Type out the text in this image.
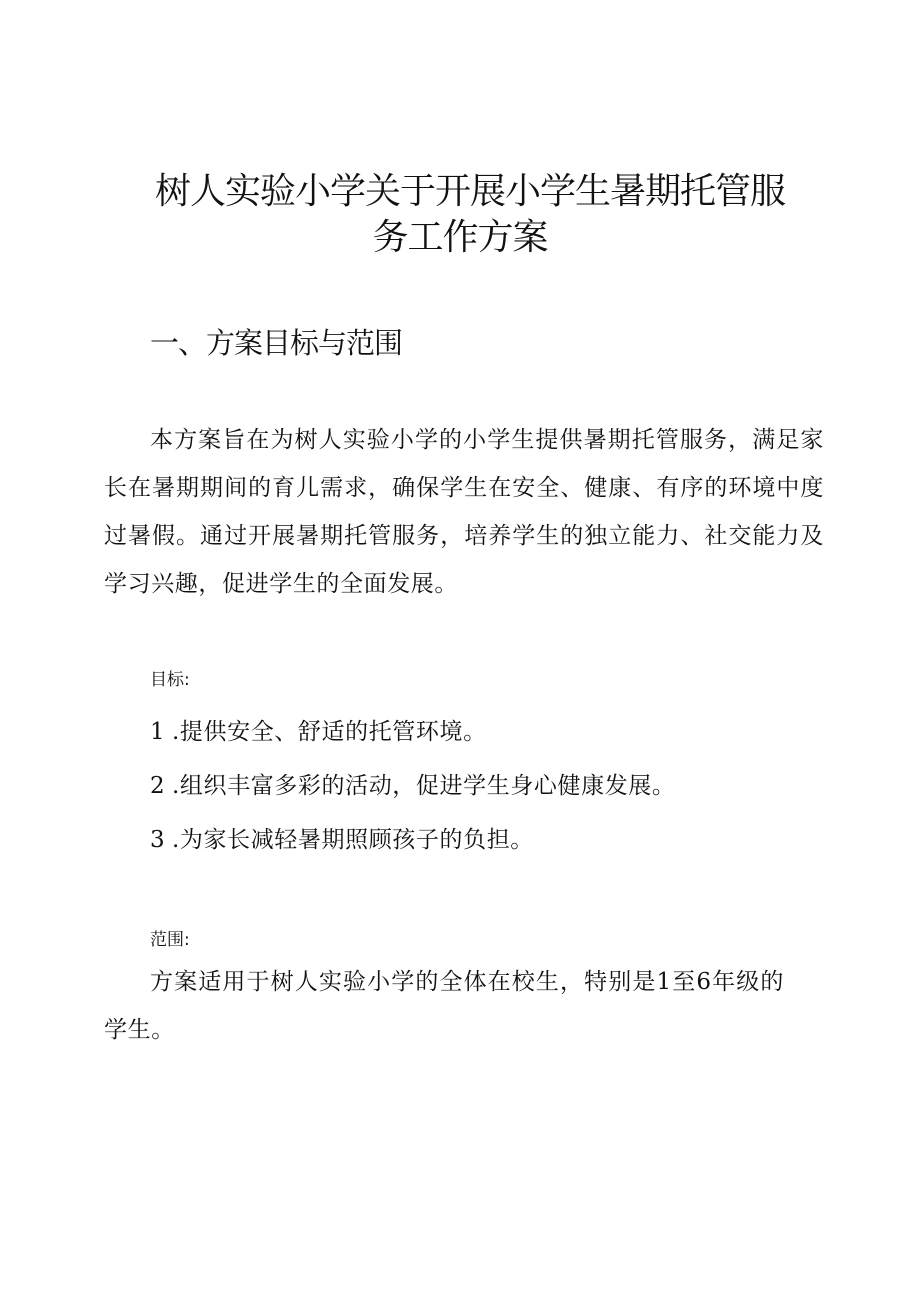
树人实验小学关于开展小学生暑期托管服
务工作方案
一、方案目标与范围

本方案旨在为树人实验小学的小学生提供暑期托管服务，满足家长在暑期期间的育儿需求，确保学生在安全、健康、有序的环境中度过暑假。通过开展暑期托管服务，培养学生的独立能力、社交能力及学习兴趣，促进学生的全面发展。

目标:

1 .提供安全、舒适的托管环境。

2 .组织丰富多彩的活动，促进学生身心健康发展。

3 .为家长减轻暑期照顾孩子的负担。

范围:

方案适用于树人实验小学的全体在校生，特别是1至6年级的学生。
